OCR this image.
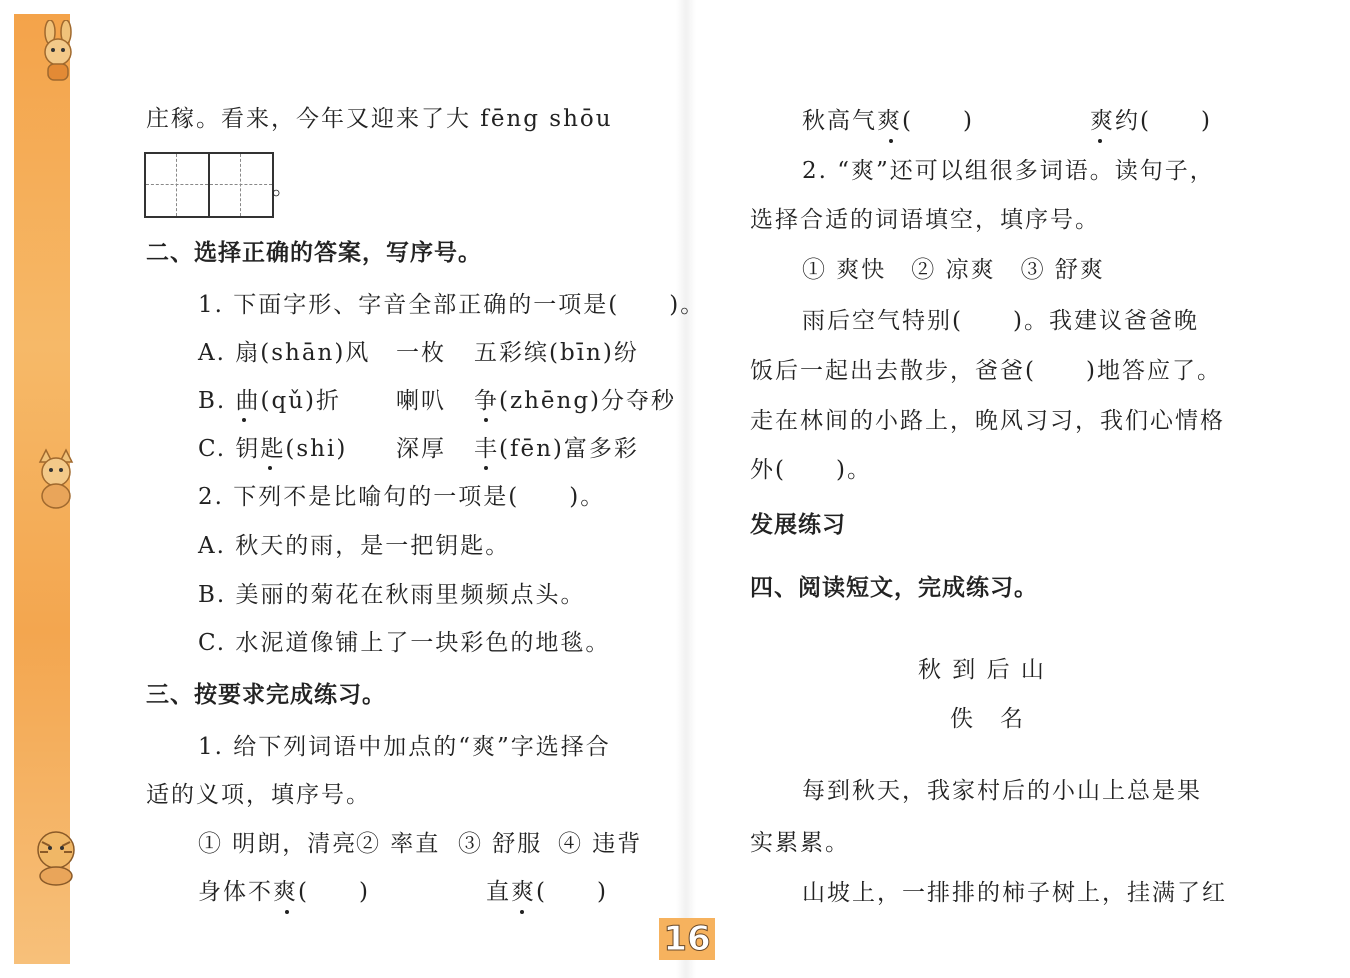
庄稼。看来，今年又迎来了大 fēng shōu
。
二、选择正确的答案，写序号。
1. 下面字形、字音全部正确的一项是(　　)。
A. 扇(shān)风 一枚 五彩缤(bīn)纷
B. 曲(qǔ)折 喇叭 争(zhēng)分夺秒
C. 钥匙(shi) 深厚 丰(fēn)富多彩
2. 下列不是比喻句的一项是(　　)。
A. 秋天的雨，是一把钥匙。
B. 美丽的菊花在秋雨里频频点头。
C. 水泥道像铺上了一块彩色的地毯。
三、按要求完成练习。
1. 给下列词语中加点的“爽”字选择合
适的义项，填序号。
① 明朗，清亮
② 率直 ③ 舒服 ④ 违背
身体不爽(　　)	直爽(　　)
16
秋高气爽(　　)	爽约(　　)
2. “爽”还可以组很多词语。读句子，
选择合适的词语填空，填序号。
① 爽快　② 凉爽　③ 舒爽
雨后空气特别(　　)。我建议爸爸晚
饭后一起出去散步，爸爸(　　)地答应了。
走在林间的小路上，晚风习习，我们心情格
外(　　)。
发展练习
四、阅读短文，完成练习。
秋 到 后 山
佚　名
每到秋天，我家村后的小山上总是果
实累累。
山坡上，一排排的柿子树上，挂满了红
